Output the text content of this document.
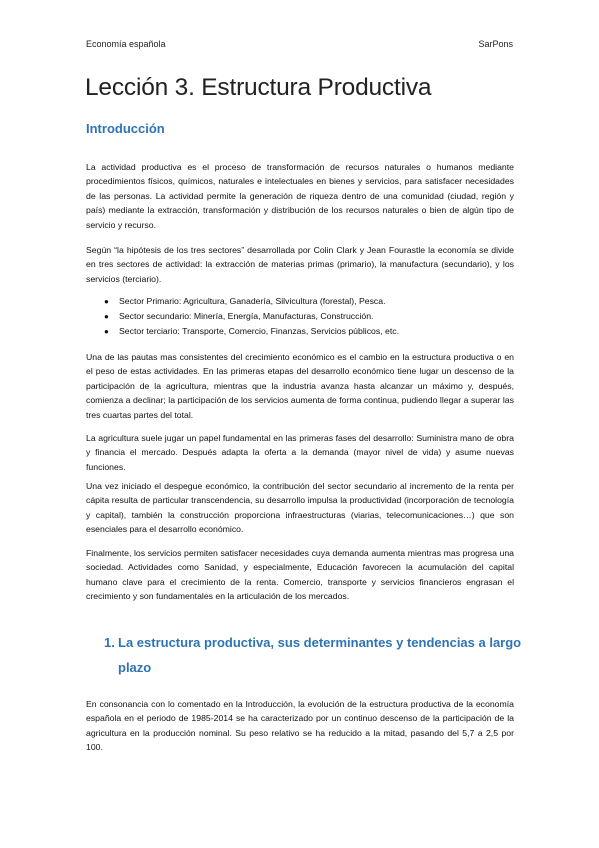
Economía española	SarPons
Lección 3. Estructura Productiva
Introducción

La actividad productiva es el proceso de transformación de recursos naturales o humanos mediante procedimientos físicos, químicos, naturales e intelectuales en bienes y servicios, para satisfacer necesidades de las personas. La actividad permite la generación de riqueza dentro de una comunidad (ciudad, región y país) mediante la extracción, transformación y distribución de los recursos naturales o bien de algún tipo de servicio y recurso.

Según “la hipótesis de los tres sectores” desarrollada por Colin Clark y Jean Fourastle la economía se divide en tres sectores de actividad: la extracción de materias primas (primario), la manufactura (secundario), y los servicios (terciario).

● Sector Primario: Agricultura, Ganadería, Silvicultura (forestal), Pesca.
● Sector secundario: Minería, Energía, Manufacturas, Construcción.
● Sector terciario: Transporte, Comercio, Finanzas, Servicios públicos, etc.

Una de las pautas mas consistentes del crecimiento económico es el cambio en la estructura productiva o en el peso de estas actividades. En las primeras etapas del desarrollo económico tiene lugar un descenso de la participación de la agricultura, mientras que la industria avanza hasta alcanzar un máximo y, después, comienza a declinar; la participación de los servicios aumenta de forma continua, pudiendo llegar a superar las tres cuartas partes del total.

La agricultura suele jugar un papel fundamental en las primeras fases del desarrollo: Suministra mano de obra y financia el mercado. Después adapta la oferta a la demanda (mayor nivel de vida) y asume nuevas funciones.

Una vez iniciado el despegue económico, la contribución del sector secundario al incremento de la renta per cápita resulta de particular transcendencia, su desarrollo impulsa la productividad (incorporación de tecnología y capital), también la construcción proporciona infraestructuras (viarias, telecomunicaciones…) que son esenciales para el desarrollo económico.

Finalmente, los servicios permiten satisfacer necesidades cuya demanda aumenta mientras mas progresa una sociedad. Actividades como Sanidad, y especialmente, Educación favorecen la acumulación del capital humano clave para el crecimiento de la renta. Comercio, transporte y servicios financieros engrasan el crecimiento y son fundamentales en la articulación de los mercados.

1. La estructura productiva, sus determinantes y tendencias a largo plazo

En consonancia con lo comentado en la Introducción, la evolución de la estructura productiva de la economía española en el periodo de 1985-2014 se ha caracterizado por un continuo descenso de la participación de la agricultura en la producción nominal. Su peso relativo se ha reducido a la mitad, pasando del 5,7 a 2,5 por 100.
